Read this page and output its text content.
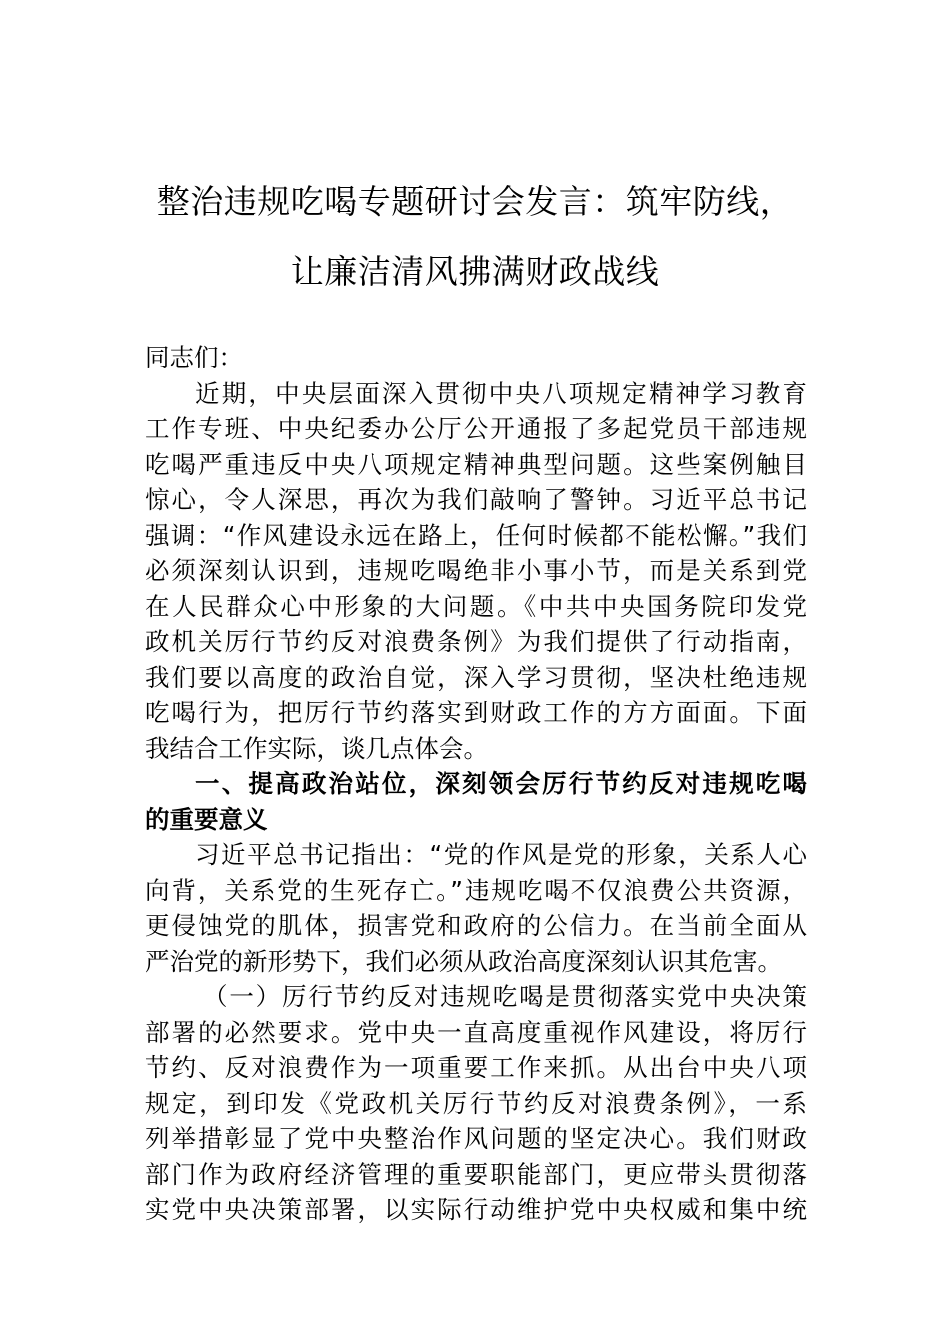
整治违规吃喝专题研讨会发言：筑牢防线，
让廉洁清风拂满财政战线
同志们：
近期，中央层面深入贯彻中央八项规定精神学习教育
工作专班、中央纪委办公厅公开通报了多起党员干部违规
吃喝严重违反中央八项规定精神典型问题。这些案例触目
惊心，令人深思，再次为我们敲响了警钟。习近平总书记
强调：“作风建设永远在路上，任何时候都不能松懈。”我们
必须深刻认识到，违规吃喝绝非小事小节，而是关系到党
在人民群众心中形象的大问题。《中共中央国务院印发党
政机关厉行节约反对浪费条例》为我们提供了行动指南，
我们要以高度的政治自觉，深入学习贯彻，坚决杜绝违规
吃喝行为，把厉行节约落实到财政工作的方方面面。下面
我结合工作实际，谈几点体会。
一、提高政治站位，深刻领会厉行节约反对违规吃喝
的重要意义
习近平总书记指出：“党的作风是党的形象，关系人心
向背，关系党的生死存亡。”违规吃喝不仅浪费公共资源，
更侵蚀党的肌体，损害党和政府的公信力。在当前全面从
严治党的新形势下，我们必须从政治高度深刻认识其危害。
（一）厉行节约反对违规吃喝是贯彻落实党中央决策
部署的必然要求。党中央一直高度重视作风建设，将厉行
节约、反对浪费作为一项重要工作来抓。从出台中央八项
规定，到印发《党政机关厉行节约反对浪费条例》，一系
列举措彰显了党中央整治作风问题的坚定决心。我们财政
部门作为政府经济管理的重要职能部门，更应带头贯彻落
实党中央决策部署，以实际行动维护党中央权威和集中统
